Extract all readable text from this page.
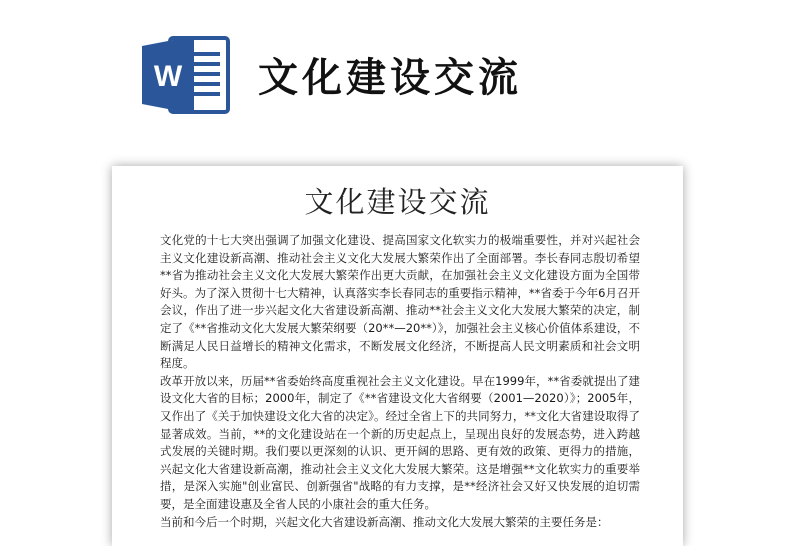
W 文化建设交流
文化建设交流

文化党的十七大突出强调了加强文化建设、提高国家文化软实力的极端重要性，并对兴起社会主义文化建设新高潮、推动社会主义文化大发展大繁荣作出了全面部署。李长春同志殷切希望**省为推动社会主义文化大发展大繁荣作出更大贡献，在加强社会主义文化建设方面为全国带好头。为了深入贯彻十七大精神，认真落实李长春同志的重要指示精神，**省委于今年6月召开会议，作出了进一步兴起文化大省建设新高潮、推动**社会主义文化大发展大繁荣的决定，制定了《**省推动文化大发展大繁荣纲要（20**—20**）》，加强社会主义核心价值体系建设，不断满足人民日益增长的精神文化需求，不断发展文化经济，不断提高人民文明素质和社会文明程度。

改革开放以来，历届**省委始终高度重视社会主义文化建设。早在1999年，**省委就提出了建设文化大省的目标；2000年，制定了《**省建设文化大省纲要（2001—2020）》；2005年，又作出了《关于加快建设文化大省的决定》。经过全省上下的共同努力，**文化大省建设取得了显著成效。当前，**的文化建设站在一个新的历史起点上，呈现出良好的发展态势，进入跨越式发展的关键时期。我们要以更深刻的认识、更开阔的思路、更有效的政策、更得力的措施，兴起文化大省建设新高潮，推动社会主义文化大发展大繁荣。这是增强**文化软实力的重要举措，是深入实施"创业富民、创新强省"战略的有力支撑，是**经济社会又好又快发展的迫切需要，是全面建设惠及全省人民的小康社会的重大任务。

当前和今后一个时期，兴起文化大省建设新高潮、推动文化大发展大繁荣的主要任务是：
